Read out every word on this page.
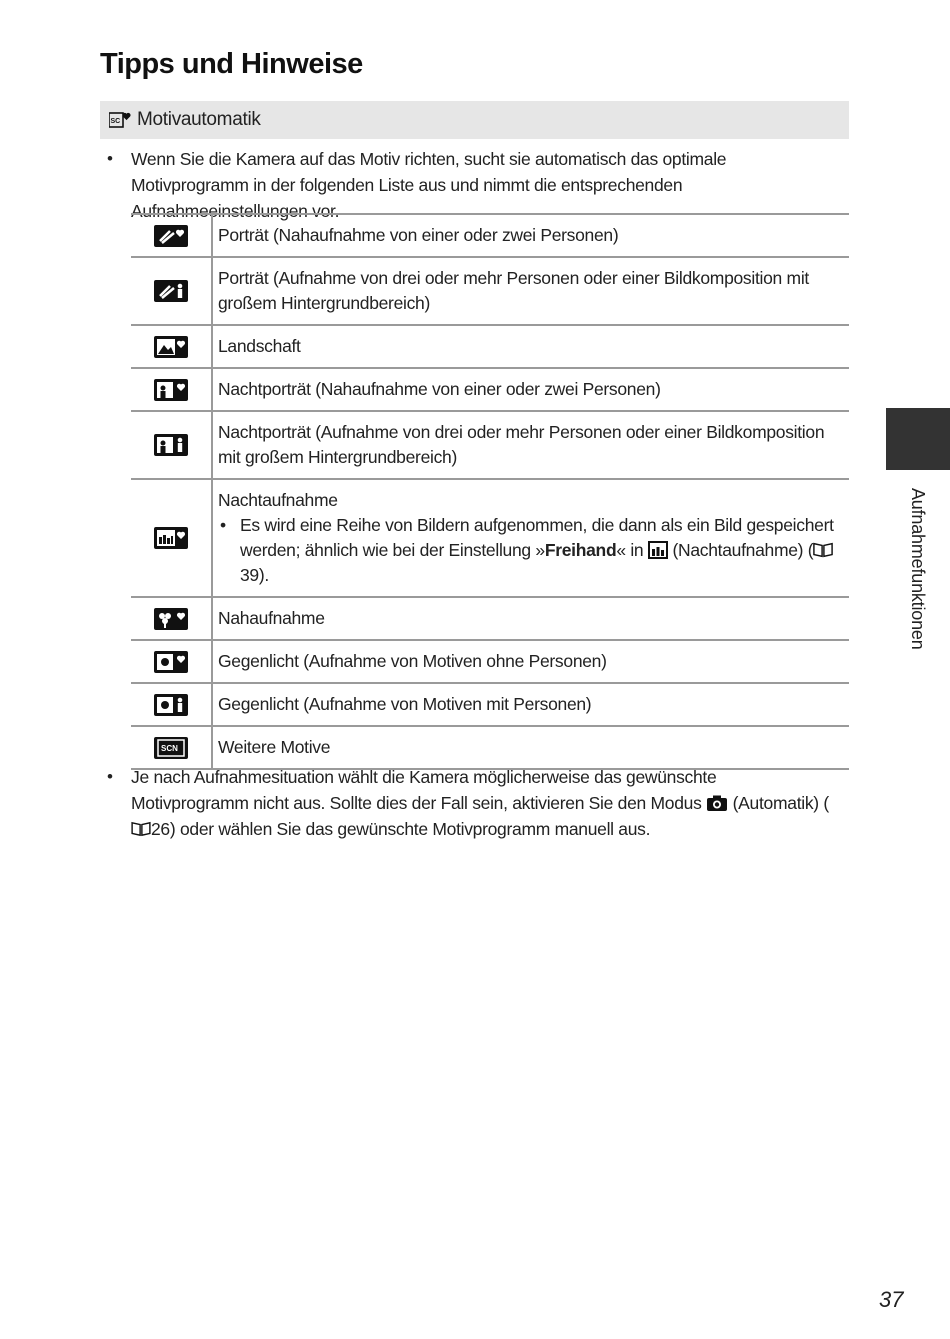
Tipps und Hinweise
SC Motivautomatik
• Wenn Sie die Kamera auf das Motiv richten, sucht sie automatisch das optimale Motivprogramm in der folgenden Liste aus und nimmt die entsprechenden Aufnahmeeinstellungen vor.
	Porträt (Nahaufnahme von einer oder zwei Personen)

	Porträt (Aufnahme von drei oder mehr Personen oder einer Bildkomposition mit großem Hintergrundbereich)

	Landschaft

	Nachtporträt (Nahaufnahme von einer oder zwei Personen)

	Nachtporträt (Aufnahme von drei oder mehr Personen oder einer Bildkomposition mit großem Hintergrundbereich)

Nachtaufnahme
• Es wird eine Reihe von Bildern aufgenommen, die dann als ein Bild gespeichert werden; ähnlich wie bei der Einstellung »Freihand« in  (Nachtaufnahme) (39).

	Nahaufnahme

	Gegenlicht (Aufnahme von Motiven ohne Personen)

	Gegenlicht (Aufnahme von Motiven mit Personen)

SCN	Weitere Motive
• Je nach Aufnahmesituation wählt die Kamera möglicherweise das gewünschte Motivprogramm nicht aus. Sollte dies der Fall sein, aktivieren Sie den Modus  (Automatik) (26) oder wählen Sie das gewünschte Motivprogramm manuell aus.
Aufnahmefunktionen
37
